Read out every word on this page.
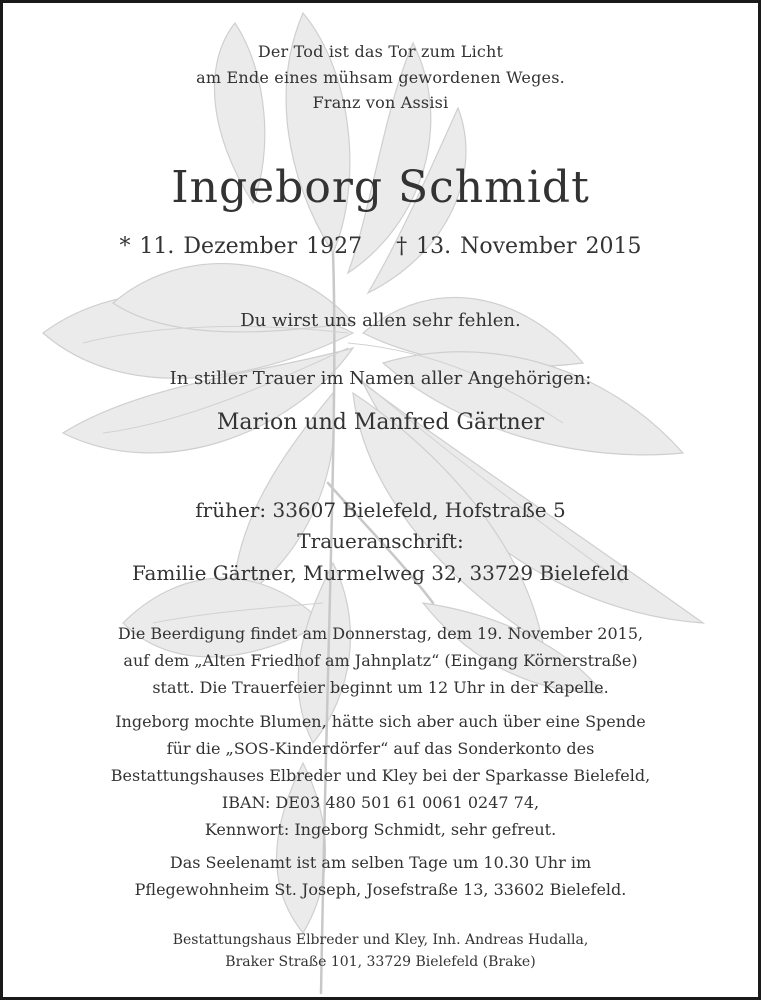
Der Tod ist das Tor zum Licht
am Ende eines mühsam gewordenen Weges.
Franz von Assisi
Ingeborg Schmidt
* 11. Dezember 1927 † 13. November 2015
Du wirst uns allen sehr fehlen.
In stiller Trauer im Namen aller Angehörigen:
Marion und Manfred Gärtner
früher: 33607 Bielefeld, Hofstraße 5
Traueranschrift:
Familie Gärtner, Murmelweg 32, 33729 Bielefeld
Die Beerdigung findet am Donnerstag, dem 19. November 2015,
auf dem „Alten Friedhof am Jahnplatz“ (Eingang Körnerstraße)
statt. Die Trauerfeier beginnt um 12 Uhr in der Kapelle.
Ingeborg mochte Blumen, hätte sich aber auch über eine Spende
für die „SOS-Kinderdörfer“ auf das Sonderkonto des
Bestattungshauses Elbreder und Kley bei der Sparkasse Bielefeld,
IBAN: DE03 480 501 61 0061 0247 74,
Kennwort: Ingeborg Schmidt, sehr gefreut.
Das Seelenamt ist am selben Tage um 10.30 Uhr im
Pflegewohnheim St. Joseph, Josefstraße 13, 33602 Bielefeld.
Bestattungshaus Elbreder und Kley, Inh. Andreas Hudalla,
Braker Straße 101, 33729 Bielefeld (Brake)
